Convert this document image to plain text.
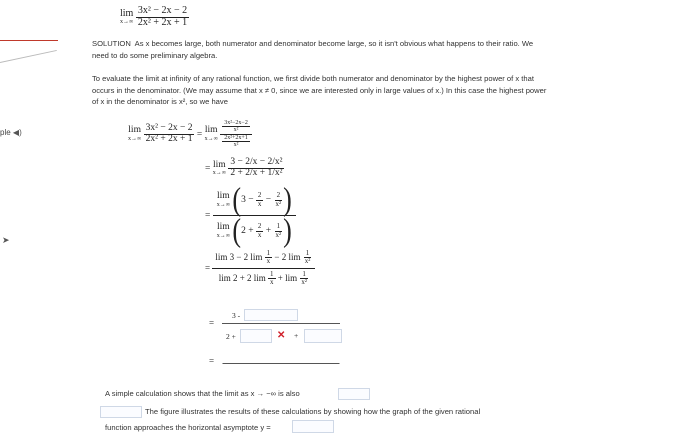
lim
x→∞
$\frac{\text{3x² − 2x − 2}}{\text{2x² + 2x + 1}}$
SOLUTION As x becomes large, both numerator and denominator become large, so it isn't obvious what happens to their ratio. We need to do some preliminary algebra.
To evaluate the limit at infinity of any rational function, we first divide both numerator and denominator by the highest power of x that occurs in the denominator. (We may assume that x ≠ 0, since we are interested only in large values of x.) In this case the highest power of x in the denominator is x², so we have
ple ◀)
➤
lim
x→∞
$\frac{\text{3x² − 2x − 2}}{\text{2x² + 2x + 1}} = \lim$
x→∞
$\frac{\frac{\text{3x²−2x−2}}{\text{x²}}}{\frac{\text{2x²+2x+1}}{\text{x²}}}$
= lim
x→∞
$\frac{\text{3 − 2/x − 2/x²}}{\text{2 + 2/x + 1/x²}}$
= lim
x→∞ ($3 - \frac{2}{x} - \frac{2}{\text{x²}}$ )
lim
x→∞ ($2 + \frac{2}{x} + \frac{1}{\text{x²}}$ )
= $\frac{\lim 3 - 2 \lim \frac{1}{x} - 2 \lim \frac{1}{\text{x²}}}{\lim 2 + 2 \lim \frac{1}{x} + \lim \frac{1}{\text{x²}}}$
=
3 -
2 +	✕ +
=
A simple calculation shows that the limit as x → −∞ is also
The figure illustrates the results of these calculations by showing how the graph of the given rational
function approaches the horizontal asymptote y =
